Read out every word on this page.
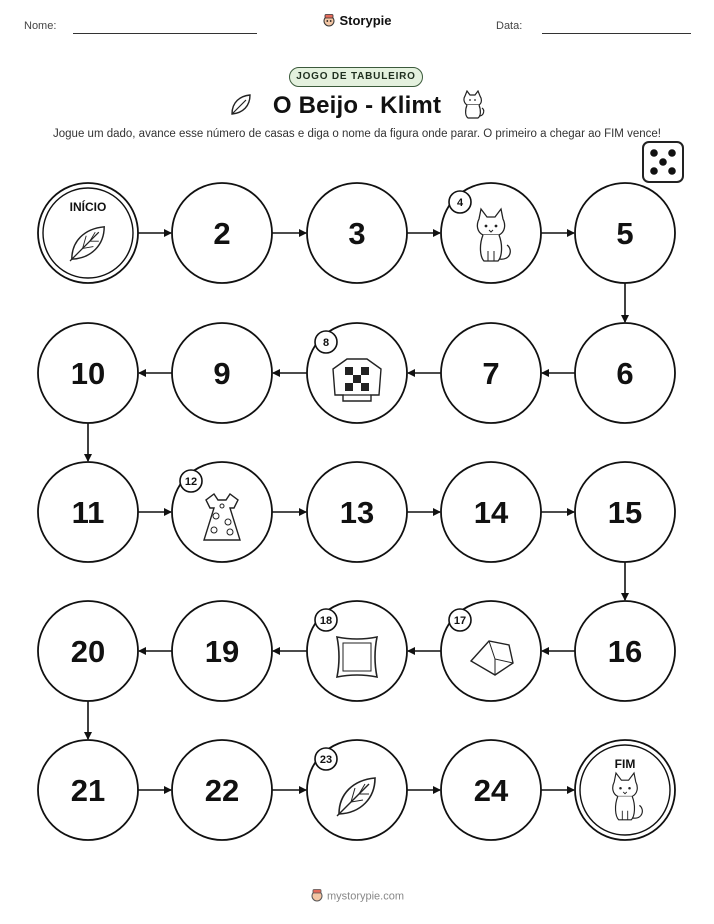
Nome:	Storypie	Data:
JOGO DE TABULEIRO
O Beijo - Klimt
Jogue um dado, avance esse número de casas e diga o nome da figura onde parar. O primeiro a chegar ao FIM vence!
INÍCIO
2	3
4
5
6
7
8
9
10
11
12
13	14	15
16
17
18
19
20
21	22
23
24
FIM
mystorypie.com
